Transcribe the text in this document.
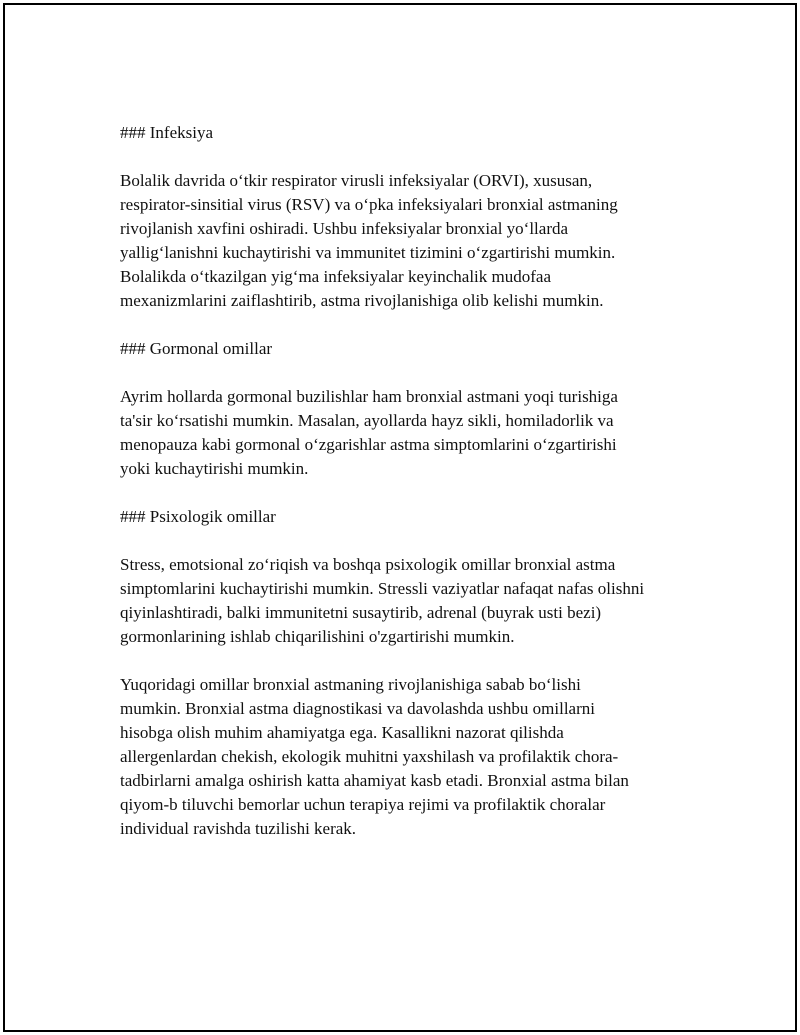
### Infeksiya

Bolalik davrida o‘tkir respirator virusli infeksiyalar (ORVI), xususan,
respirator-sinsitial virus (RSV) va o‘pka infeksiyalari bronxial astmaning
rivojlanish xavfini oshiradi. Ushbu infeksiyalar bronxial yo‘llarda
yallig‘lanishni kuchaytirishi va immunitet tizimini o‘zgartirishi mumkin.
Bolalikda o‘tkazilgan yig‘ma infeksiyalar keyinchalik mudofaa
mexanizmlarini zaiflashtirib, astma rivojlanishiga olib kelishi mumkin.

### Gormonal omillar

Ayrim hollarda gormonal buzilishlar ham bronxial astmani yoqi turishiga
ta'sir ko‘rsatishi mumkin. Masalan, ayollarda hayz sikli, homiladorlik va
menopauza kabi gormonal o‘zgarishlar astma simptomlarini o‘zgartirishi
yoki kuchaytirishi mumkin.

### Psixologik omillar

Stress, emotsional zo‘riqish va boshqa psixologik omillar bronxial astma
simptomlarini kuchaytirishi mumkin. Stressli vaziyatlar nafaqat nafas olishni
qiyinlashtiradi, balki immunitetni susaytirib, adrenal (buyrak usti bezi)
gormonlarining ishlab chiqarilishini o'zgartirishi mumkin.
Yuqoridagi omillar bronxial astmaning rivojlanishiga sabab bo‘lishi
mumkin. Bronxial astma diagnostikasi va davolashda ushbu omillarni
hisobga olish muhim ahamiyatga ega. Kasallikni nazorat qilishda
allergenlardan chekish, ekologik muhitni yaxshilash va profilaktik chora-
tadbirlarni amalga oshirish katta ahamiyat kasb etadi. Bronxial astma bilan
qiyom-b tiluvchi bemorlar uchun terapiya rejimi va profilaktik choralar
individual ravishda tuzilishi kerak.
